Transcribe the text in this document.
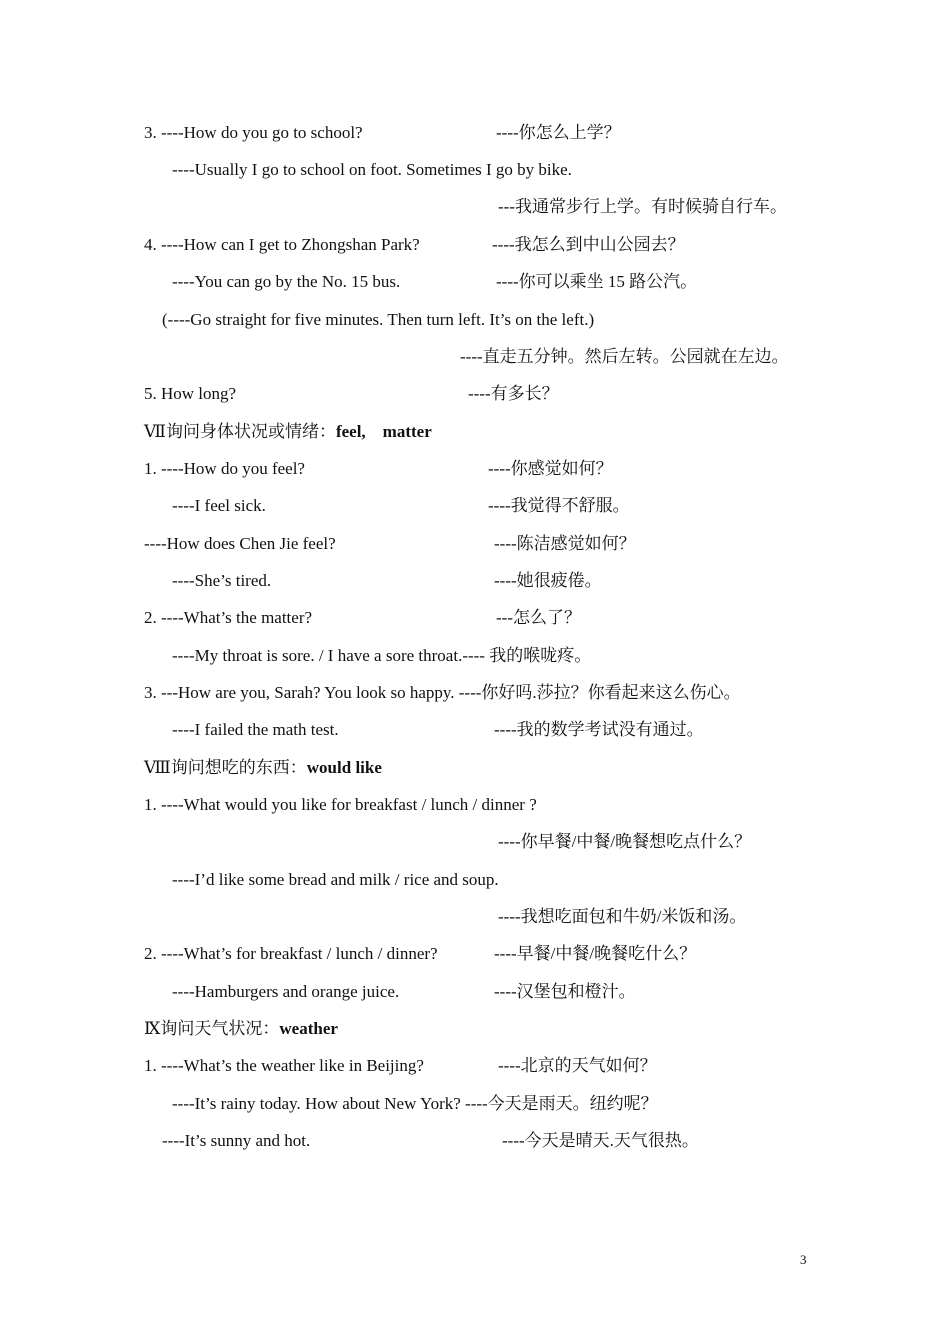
3. ----How do you go to school?	----你怎么上学？
----Usually I go to school on foot. Sometimes I go by bike.
---我通常步行上学。有时候骑自行车。
4. ----How can I get to Zhongshan Park?	----我怎么到中山公园去？
----You can go by the No. 15 bus.	----你可以乘坐 15 路公汽。
(----Go straight for five minutes. Then turn left. It’s on the left.)
----直走五分钟。然后左转。公园就在左边。
5. How long?	----有多长？
Ⅶ询问身体状况或情绪：feel,    matter
1. ----How do you feel?	----你感觉如何？
----I feel sick.	----我觉得不舒服。
----How does Chen Jie feel?	----陈洁感觉如何？
----She’s tired.	----她很疲倦。
2. ----What’s the matter?	---怎么了？
----My throat is sore. / I have a sore throat.---- 我的喉咙疼。
3. ---How are you, Sarah? You look so happy. ----你好吗.莎拉？你看起来这么伤心。
----I failed the math test.	----我的数学考试没有通过。
Ⅷ询问想吃的东西：would like
1. ----What would you like for breakfast / lunch / dinner ?
----你早餐/中餐/晚餐想吃点什么？
----I’d like some bread and milk / rice and soup.
----我想吃面包和牛奶/米饭和汤。
2. ----What’s for breakfast / lunch / dinner?	----早餐/中餐/晚餐吃什么？
----Hamburgers and orange juice.	----汉堡包和橙汁。
Ⅸ询问天气状况：weather
1. ----What’s the weather like in Beijing?	----北京的天气如何？
----It’s rainy today. How about New York? ----今天是雨天。纽约呢？
----It’s sunny and hot.	----今天是晴天.天气很热。
3
